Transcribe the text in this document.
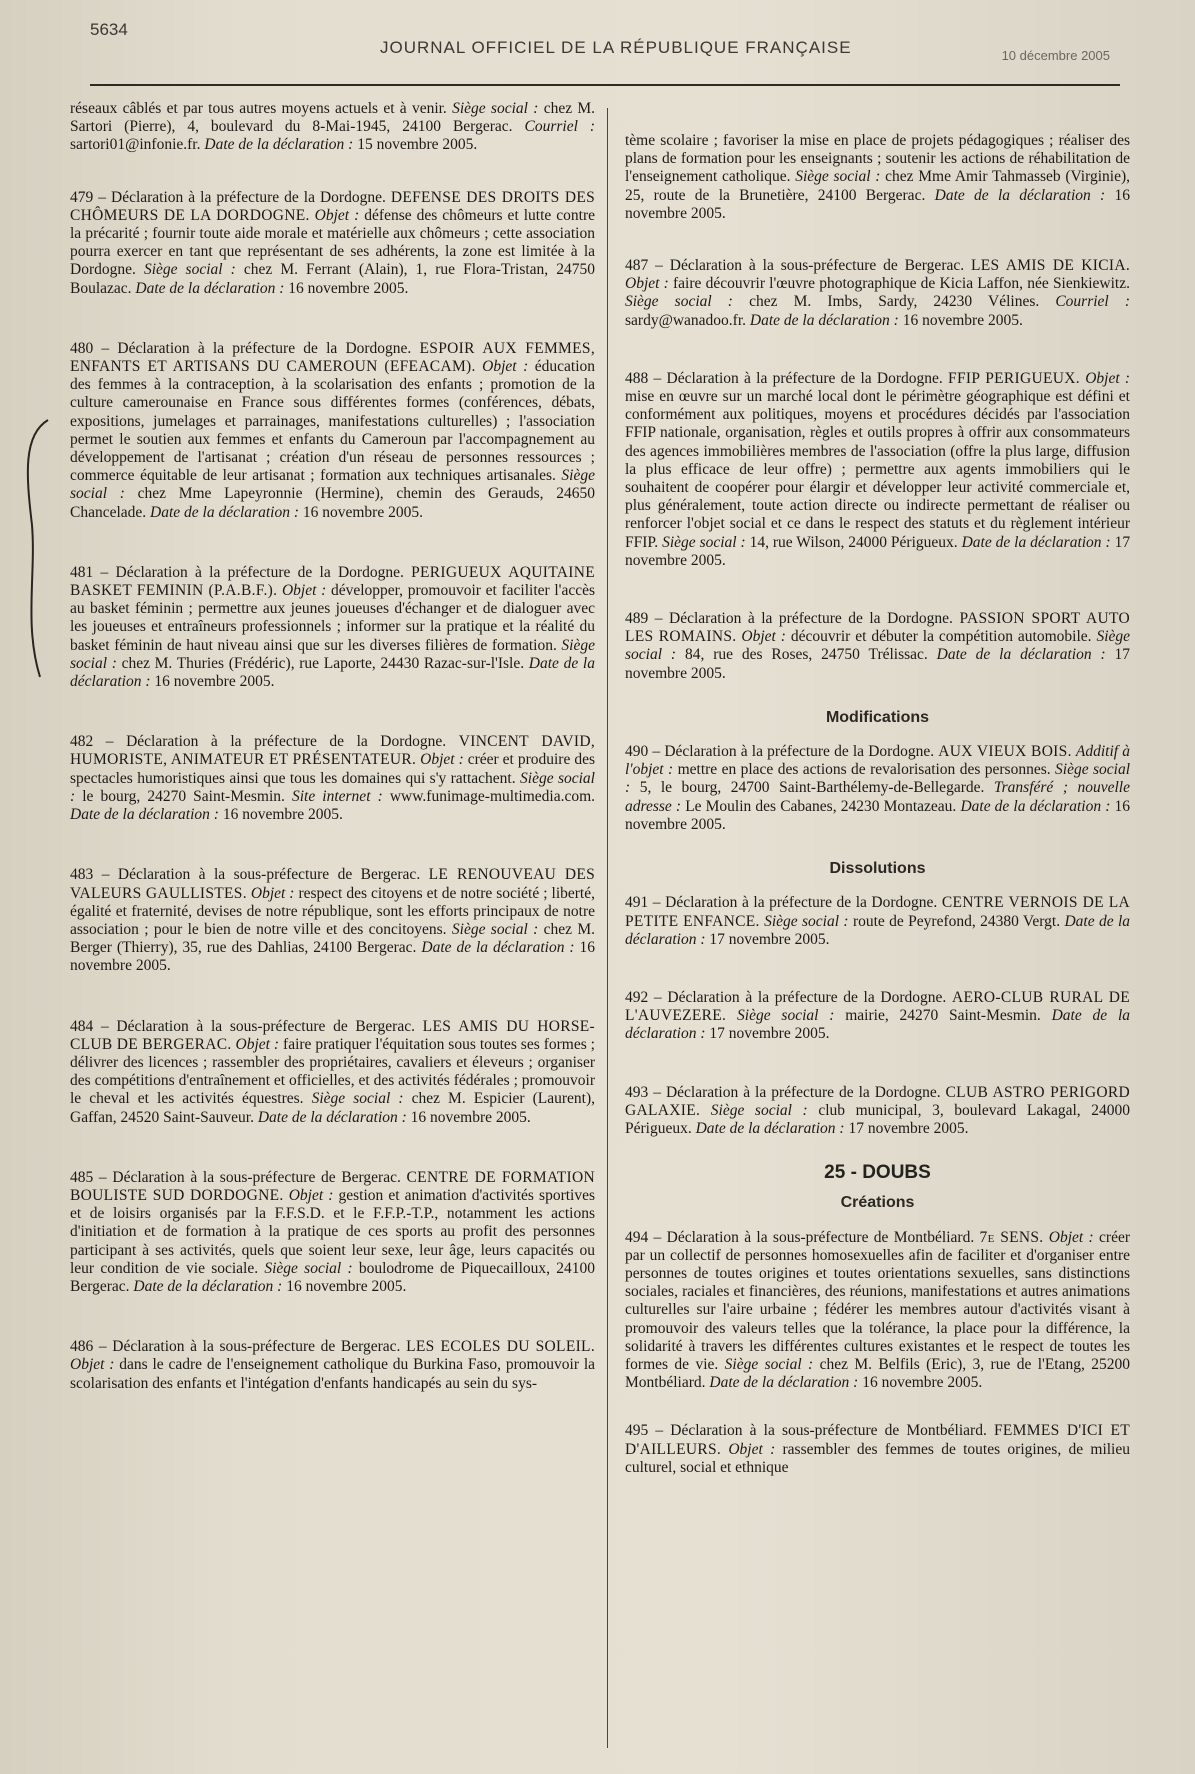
5634
JOURNAL OFFICIEL DE LA RÉPUBLIQUE FRANÇAISE	10 décembre 2005

réseaux câblés et par tous autres moyens actuels et à venir. Siège social : chez M. Sartori (Pierre), 4, boulevard du 8-Mai-1945, 24100 Bergerac. Courriel : sartori01@infonie.fr. Date de la déclaration : 15 novembre 2005.

479 – Déclaration à la préfecture de la Dordogne. DEFENSE DES DROITS DES CHÔMEURS DE LA DORDOGNE. Objet : défense des chômeurs et lutte contre la précarité ; fournir toute aide morale et matérielle aux chômeurs ; cette association pourra exercer en tant que représentant de ses adhérents, la zone est limitée à la Dordogne. Siège social : chez M. Ferrant (Alain), 1, rue Flora-Tristan, 24750 Boulazac. Date de la déclaration : 16 novembre 2005.

480 – Déclaration à la préfecture de la Dordogne. ESPOIR AUX FEMMES, ENFANTS ET ARTISANS DU CAMEROUN (EFEACAM). Objet : éducation des femmes à la contraception, à la scolarisation des enfants ; promotion de la culture camerounaise en France sous différentes formes (conférences, débats, expositions, jumelages et parrainages, manifestations culturelles) ; l'association permet le soutien aux femmes et enfants du Cameroun par l'accompagnement au développement de l'artisanat ; création d'un réseau de personnes ressources ; commerce équitable de leur artisanat ; formation aux techniques artisanales. Siège social : chez Mme Lapeyronnie (Hermine), chemin des Gerauds, 24650 Chancelade. Date de la déclaration : 16 novembre 2005.

481 – Déclaration à la préfecture de la Dordogne. PERIGUEUX AQUITAINE BASKET FEMININ (P.A.B.F.). Objet : développer, promouvoir et faciliter l'accès au basket féminin ; permettre aux jeunes joueuses d'échanger et de dialoguer avec les joueuses et entraîneurs professionnels ; informer sur la pratique et la réalité du basket féminin de haut niveau ainsi que sur les diverses filières de formation. Siège social : chez M. Thuries (Frédéric), rue Laporte, 24430 Razac-sur-l'Isle. Date de la déclaration : 16 novembre 2005.

482 – Déclaration à la préfecture de la Dordogne. VINCENT DAVID, HUMORISTE, ANIMATEUR ET PRÉSENTATEUR. Objet : créer et produire des spectacles humoristiques ainsi que tous les domaines qui s'y rattachent. Siège social : le bourg, 24270 Saint-Mesmin. Site internet : www.funimage-multimedia.com. Date de la déclaration : 16 novembre 2005.

483 – Déclaration à la sous-préfecture de Bergerac. LE RENOUVEAU DES VALEURS GAULLISTES. Objet : respect des citoyens et de notre société ; liberté, égalité et fraternité, devises de notre république, sont les efforts principaux de notre association ; pour le bien de notre ville et des concitoyens. Siège social : chez M. Berger (Thierry), 35, rue des Dahlias, 24100 Bergerac. Date de la déclaration : 16 novembre 2005.

484 – Déclaration à la sous-préfecture de Bergerac. LES AMIS DU HORSE-CLUB DE BERGERAC. Objet : faire pratiquer l'équitation sous toutes ses formes ; délivrer des licences ; rassembler des propriétaires, cavaliers et éleveurs ; organiser des compétitions d'entraînement et officielles, et des activités fédérales ; promouvoir le cheval et les activités équestres. Siège social : chez M. Espicier (Laurent), Gaffan, 24520 Saint-Sauveur. Date de la déclaration : 16 novembre 2005.

485 – Déclaration à la sous-préfecture de Bergerac. CENTRE DE FORMATION BOULISTE SUD DORDOGNE. Objet : gestion et animation d'activités sportives et de loisirs organisés par la F.F.S.D. et le F.F.P.-T.P., notamment les actions d'initiation et de formation à la pratique de ces sports au profit des personnes participant à ses activités, quels que soient leur sexe, leur âge, leurs capacités ou leur condition de vie sociale. Siège social : boulodrome de Piquecailloux, 24100 Bergerac. Date de la déclaration : 16 novembre 2005.

486 – Déclaration à la sous-préfecture de Bergerac. LES ECOLES DU SOLEIL. Objet : dans le cadre de l'enseignement catholique du Burkina Faso, promouvoir la scolarisation des enfants et l'intégation d'enfants handicapés au sein du sys-

tème scolaire ; favoriser la mise en place de projets pédagogiques ; réaliser des plans de formation pour les enseignants ; soutenir les actions de réhabilitation de l'enseignement catholique. Siège social : chez Mme Amir Tahmasseb (Virginie), 25, route de la Brunetière, 24100 Bergerac. Date de la déclaration : 16 novembre 2005.

487 – Déclaration à la sous-préfecture de Bergerac. LES AMIS DE KICIA. Objet : faire découvrir l'œuvre photographique de Kicia Laffon, née Sienkiewitz. Siège social : chez M. Imbs, Sardy, 24230 Vélines. Courriel : sardy@wanadoo.fr. Date de la déclaration : 16 novembre 2005.

488 – Déclaration à la préfecture de la Dordogne. FFIP PERIGUEUX. Objet : mise en œuvre sur un marché local dont le périmètre géographique est défini et conformément aux politiques, moyens et procédures décidés par l'association FFIP nationale, organisation, règles et outils propres à offrir aux consommateurs des agences immobilières membres de l'association (offre la plus large, diffusion la plus efficace de leur offre) ; permettre aux agents immobiliers qui le souhaitent de coopérer pour élargir et développer leur activité commerciale et, plus généralement, toute action directe ou indirecte permettant de réaliser ou renforcer l'objet social et ce dans le respect des statuts et du règlement intérieur FFIP. Siège social : 14, rue Wilson, 24000 Périgueux. Date de la déclaration : 17 novembre 2005.

489 – Déclaration à la préfecture de la Dordogne. PASSION SPORT AUTO LES ROMAINS. Objet : découvrir et débuter la compétition automobile. Siège social : 84, rue des Roses, 24750 Trélissac. Date de la déclaration : 17 novembre 2005.

Modifications

490 – Déclaration à la préfecture de la Dordogne. AUX VIEUX BOIS. Additif à l'objet : mettre en place des actions de revalorisation des personnes. Siège social : 5, le bourg, 24700 Saint-Barthélemy-de-Bellegarde. Transféré ; nouvelle adresse : Le Moulin des Cabanes, 24230 Montazeau. Date de la déclaration : 16 novembre 2005.

Dissolutions

491 – Déclaration à la préfecture de la Dordogne. CENTRE VERNOIS DE LA PETITE ENFANCE. Siège social : route de Peyrefond, 24380 Vergt. Date de la déclaration : 17 novembre 2005.

492 – Déclaration à la préfecture de la Dordogne. AERO-CLUB RURAL DE L'AUVEZERE. Siège social : mairie, 24270 Saint-Mesmin. Date de la déclaration : 17 novembre 2005.

493 – Déclaration à la préfecture de la Dordogne. CLUB ASTRO PERIGORD GALAXIE. Siège social : club municipal, 3, boulevard Lakagal, 24000 Périgueux. Date de la déclaration : 17 novembre 2005.

25 - DOUBS
Créations

494 – Déclaration à la sous-préfecture de Montbéliard. 7e SENS. Objet : créer par un collectif de personnes homosexuelles afin de faciliter et d'organiser entre personnes de toutes origines et toutes orientations sexuelles, sans distinctions sociales, raciales et financières, des réunions, manifestations et autres animations culturelles sur l'aire urbaine ; fédérer les membres autour d'activités visant à promouvoir des valeurs telles que la tolérance, la place pour la différence, la solidarité à travers les différentes cultures existantes et le respect de toutes les formes de vie. Siège social : chez M. Belfils (Eric), 3, rue de l'Etang, 25200 Montbéliard. Date de la déclaration : 16 novembre 2005.

495 – Déclaration à la sous-préfecture de Montbéliard. FEMMES D'ICI ET D'AILLEURS. Objet : rassembler des femmes de toutes origines, de milieu culturel, social et ethnique
